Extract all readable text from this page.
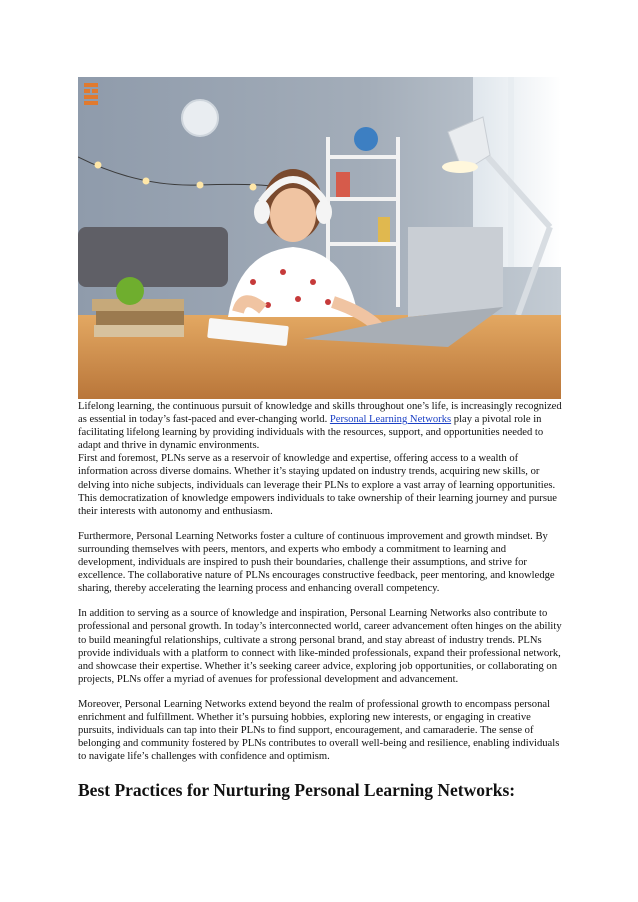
Lifelong learning, the continuous pursuit of knowledge and skills throughout one’s life, is increasingly recognized as essential in today’s fast-paced and ever-changing world. Personal Learning Networks play a pivotal role in facilitating lifelong learning by providing individuals with the resources, support, and opportunities needed to adapt and thrive in dynamic environments.

First and foremost, PLNs serve as a reservoir of knowledge and expertise, offering access to a wealth of information across diverse domains. Whether it’s staying updated on industry trends, acquiring new skills, or delving into niche subjects, individuals can leverage their PLNs to explore a vast array of learning opportunities. This democratization of knowledge empowers individuals to take ownership of their learning journey and pursue their interests with autonomy and enthusiasm.

Furthermore, Personal Learning Networks foster a culture of continuous improvement and growth mindset. By surrounding themselves with peers, mentors, and experts who embody a commitment to learning and development, individuals are inspired to push their boundaries, challenge their assumptions, and strive for excellence. The collaborative nature of PLNs encourages constructive feedback, peer mentoring, and knowledge sharing, thereby accelerating the learning process and enhancing overall competency.

In addition to serving as a source of knowledge and inspiration, Personal Learning Networks also contribute to professional and personal growth. In today’s interconnected world, career advancement often hinges on the ability to build meaningful relationships, cultivate a strong personal brand, and stay abreast of industry trends. PLNs provide individuals with a platform to connect with like-minded professionals, expand their professional network, and showcase their expertise. Whether it’s seeking career advice, exploring job opportunities, or collaborating on projects, PLNs offer a myriad of avenues for professional development and advancement.

Moreover, Personal Learning Networks extend beyond the realm of professional growth to encompass personal enrichment and fulfillment. Whether it’s pursuing hobbies, exploring new interests, or engaging in creative pursuits, individuals can tap into their PLNs to find support, encouragement, and camaraderie. The sense of belonging and community fostered by PLNs contributes to overall well-being and resilience, enabling individuals to navigate life’s challenges with confidence and optimism.

Best Practices for Nurturing Personal Learning Networks:
